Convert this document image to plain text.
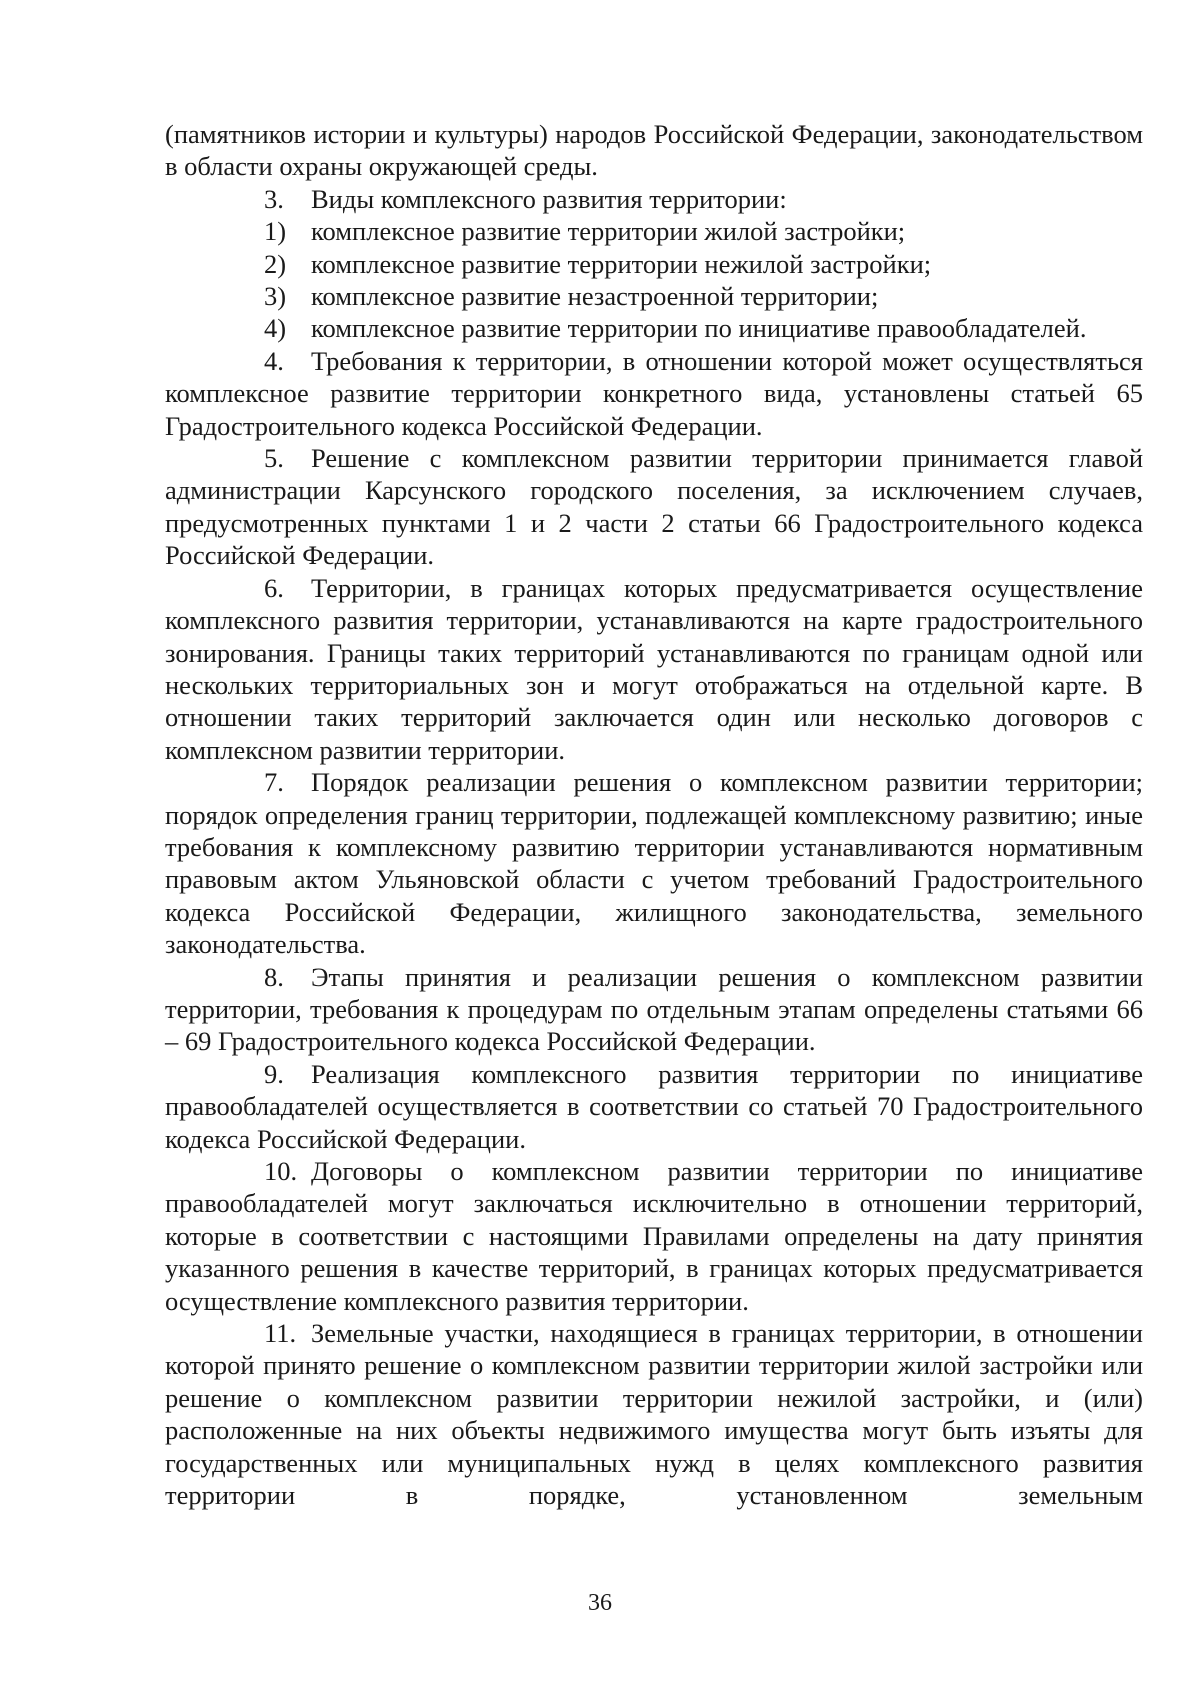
(памятников истории и культуры) народов Российской Федерации, законодательством в области охраны окружающей среды.

3. Виды комплексного развития территории:

1) комплексное развитие территории жилой застройки;

2) комплексное развитие территории нежилой застройки;

3) комплексное развитие незастроенной территории;

4) комплексное развитие территории по инициативе правообладателей.

4. Требования к территории, в отношении которой может осуществляться комплексное развитие территории конкретного вида, установлены статьей 65 Градостроительного кодекса Российской Федерации.

5. Решение с комплексном развитии территории принимается главой администрации Карсунского городского поселения, за исключением случаев, предусмотренных пунктами 1 и 2 части 2 статьи 66 Градостроительного кодекса Российской Федерации.

6. Территории, в границах которых предусматривается осуществление комплексного развития территории, устанавливаются на карте градостроительного зонирования. Границы таких территорий устанавливаются по границам одной или нескольких территориальных зон и могут отображаться на отдельной карте. В отношении таких территорий заключается один или несколько договоров с комплексном развитии территории.

7. Порядок реализации решения о комплексном развитии территории; порядок определения границ территории, подлежащей комплексному развитию; иные требования к комплексному развитию территории устанавливаются нормативным правовым актом Ульяновской области с учетом требований Градостроительного кодекса Российской Федерации, жилищного законодательства, земельного законодательства.

8. Этапы принятия и реализации решения о комплексном развитии территории, требования к процедурам по отдельным этапам определены статьями 66 – 69 Градостроительного кодекса Российской Федерации.

9. Реализация комплексного развития территории по инициативе правообладателей осуществляется в соответствии со статьей 70 Градостроительного кодекса Российской Федерации.

10. Договоры о комплексном развитии территории по инициативе правообладателей могут заключаться исключительно в отношении территорий, которые в соответствии с настоящими Правилами определены на дату принятия указанного решения в качестве территорий, в границах которых предусматривается осуществление комплексного развития территории.

11. Земельные участки, находящиеся в границах территории, в отношении которой принято решение о комплексном развитии территории жилой застройки или решение о комплексном развитии территории нежилой застройки, и (или) расположенные на них объекты недвижимого имущества могут быть изъяты для государственных или муниципальных нужд в целях комплексного развития территории в порядке, установленном земельным

36
